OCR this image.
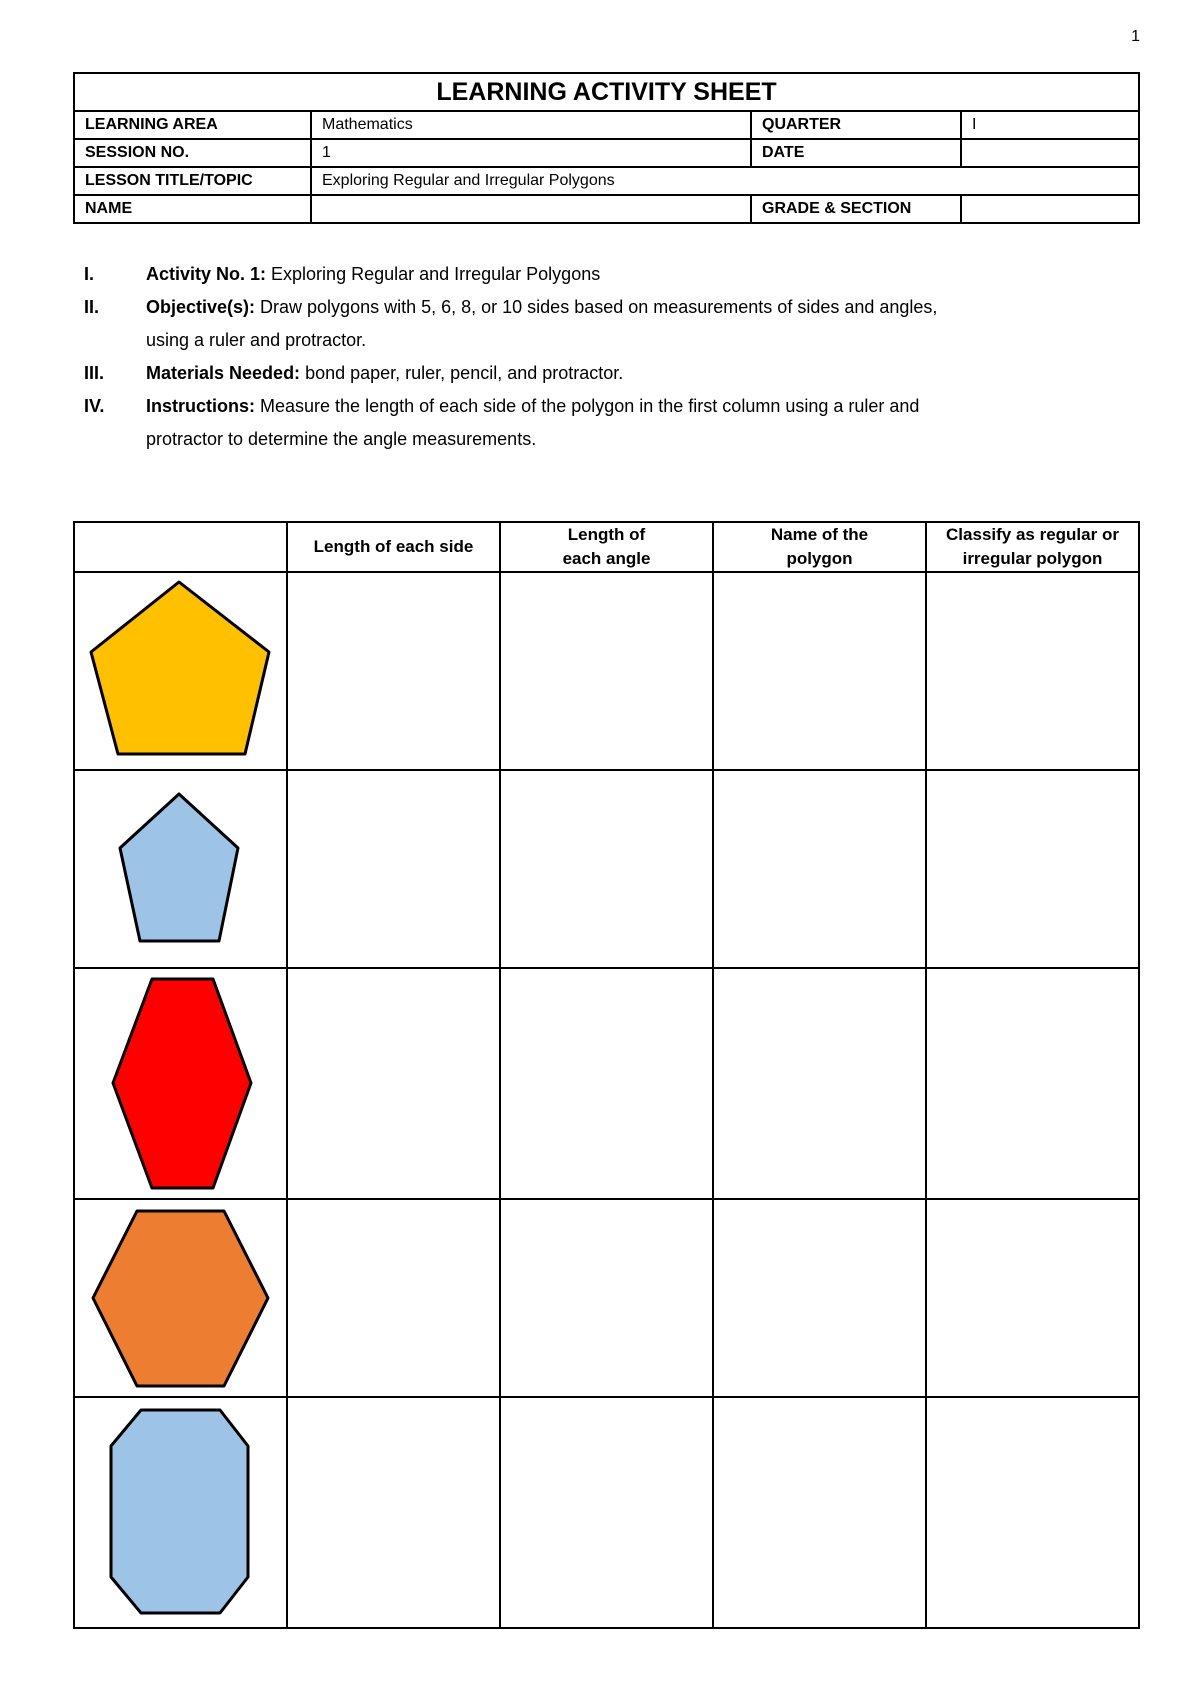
1
LEARNING ACTIVITY SHEET			
LEARNING AREA	Mathematics	QUARTER	I
SESSION NO.	1	DATE	
LESSON TITLE/TOPIC	Exploring Regular and Irregular Polygons		
NAME		GRADE & SECTION	
I.	Activity No. 1: Exploring Regular and Irregular Polygons
II.	Objective(s): Draw polygons with 5, 6, 8, or 10 sides based on measurements of sides and angles,
using a ruler and protractor.
III.	Materials Needed: bond paper, ruler, pencil, and protractor.
IV.	Instructions: Measure the length of each side of the polygon in the first column using a ruler and
protractor to determine the angle measurements.
	Length of each side	Length of each angle	Name of the polygon	Classify as regular or irregular polygon
